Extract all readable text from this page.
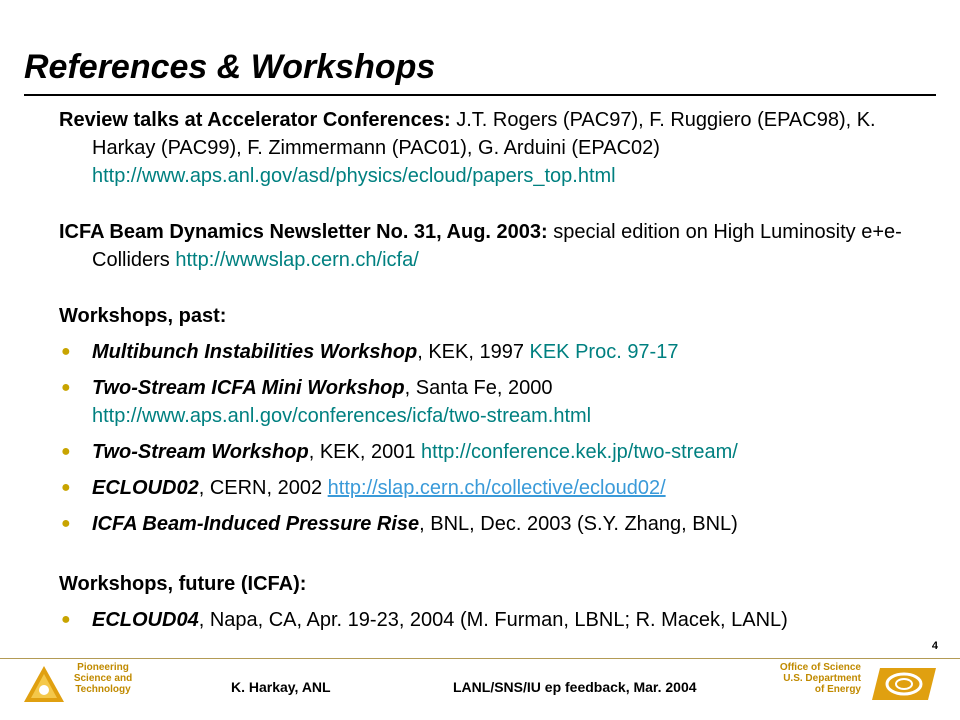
References & Workshops
Review talks at Accelerator Conferences: J.T. Rogers (PAC97), F. Ruggiero (EPAC98), K. Harkay (PAC99), F. Zimmermann (PAC01), G. Arduini (EPAC02) http://www.aps.anl.gov/asd/physics/ecloud/papers_top.html
ICFA Beam Dynamics Newsletter No. 31, Aug. 2003: special edition on High Luminosity e+e- Colliders http://wwwslap.cern.ch/icfa/
Workshops, past:
● Multibunch Instabilities Workshop, KEK, 1997 KEK Proc. 97-17
● Two-Stream ICFA Mini Workshop, Santa Fe, 2000 http://www.aps.anl.gov/conferences/icfa/two-stream.html
● Two-Stream Workshop, KEK, 2001 http://conference.kek.jp/two-stream/
● ECLOUD02, CERN, 2002 http://slap.cern.ch/collective/ecloud02/
● ICFA Beam-Induced Pressure Rise, BNL, Dec. 2003 (S.Y. Zhang, BNL)
Workshops, future (ICFA):
● ECLOUD04, Napa, CA, Apr. 19-23, 2004 (M. Furman, LBNL; R. Macek, LANL)
4
Pioneering
Science and
Technology	K. Harkay, ANL	LANL/SNS/IU ep feedback, Mar. 2004
Office of Science
U.S. Department
of Energy
